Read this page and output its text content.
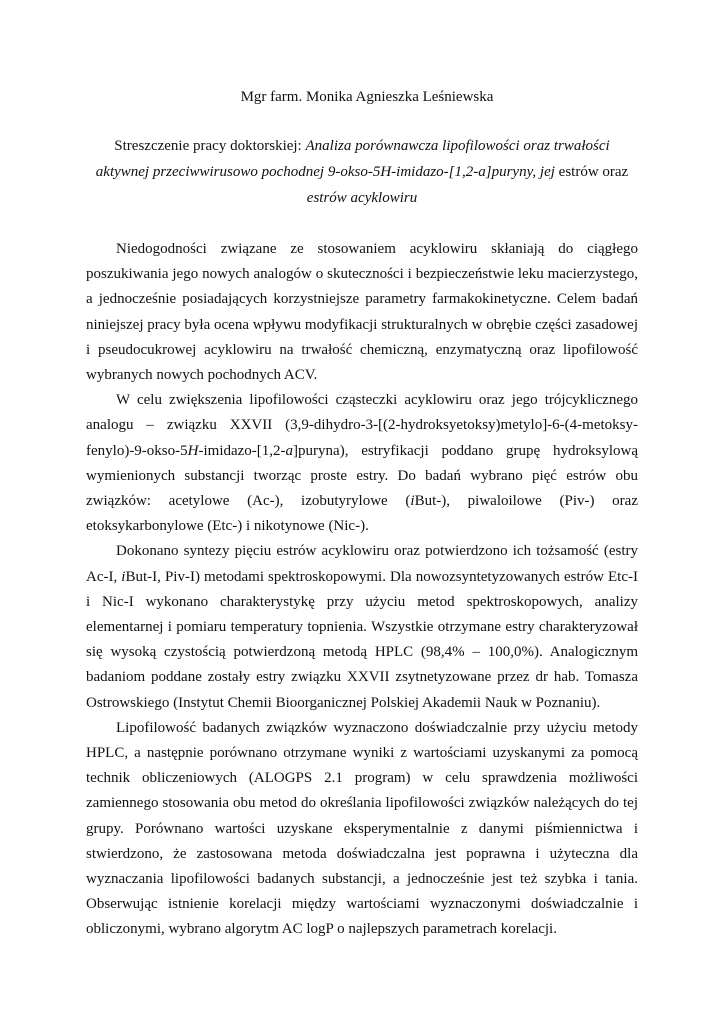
Mgr farm. Monika Agnieszka Leśniewska

Streszczenie pracy doktorskiej: Analiza porównawcza lipofilowości oraz trwałości aktywnej przeciwwirusowo pochodnej 9-okso-5H-imidazo-[1,2-a]puryny, jej estrów oraz estrów acyklowiru

Niedogodności związane ze stosowaniem acyklowiru skłaniają do ciągłego poszukiwania jego nowych analogów o skuteczności i bezpieczeństwie leku macierzystego, a jednocześnie posiadających korzystniejsze parametry farmakokinetyczne. Celem badań niniejszej pracy była ocena wpływu modyfikacji strukturalnych w obrębie części zasadowej i pseudocukrowej acyklowiru na trwałość chemiczną, enzymatyczną oraz lipofilowość wybranych nowych pochodnych ACV.

W celu zwiększenia lipofilowości cząsteczki acyklowiru oraz jego trójcyklicznego analogu – związku XXVII (3,9-dihydro-3-[(2-hydroksyetoksy)metylo]-6-(4-metoksy-fenylo)-9-okso-5H-imidazo-[1,2-a]puryna), estryfikacji poddano grupę hydroksylową wymienionych substancji tworząc proste estry. Do badań wybrano pięć estrów obu związków: acetylowe (Ac-), izobutyrylowe (iBut-), piwaloilowe (Piv-) oraz etoksykarbonylowe (Etc-) i nikotynowe (Nic-).

Dokonano syntezy pięciu estrów acyklowiru oraz potwierdzono ich tożsamość (estry Ac-I, iBut-I, Piv-I) metodami spektroskopowymi. Dla nowozsyntetyzowanych estrów Etc-I i Nic-I wykonano charakterystykę przy użyciu metod spektroskopowych, analizy elementarnej i pomiaru temperatury topnienia. Wszystkie otrzymane estry charakteryzował się wysoką czystością potwierdzoną metodą HPLC (98,4% – 100,0%). Analogicznym badaniom poddane zostały estry związku XXVII zsytnetyzowane przez dr hab. Tomasza Ostrowskiego (Instytut Chemii Bioorganicznej Polskiej Akademii Nauk w Poznaniu).

Lipofilowość badanych związków wyznaczono doświadczalnie przy użyciu metody HPLC, a następnie porównano otrzymane wyniki z wartościami uzyskanymi za pomocą technik obliczeniowych (ALOGPS 2.1 program) w celu sprawdzenia możliwości zamiennego stosowania obu metod do określania lipofilowości związków należących do tej grupy. Porównano wartości uzyskane eksperymentalnie z danymi piśmiennictwa i stwierdzono, że zastosowana metoda doświadczalna jest poprawna i użyteczna dla wyznaczania lipofilowości badanych substancji, a jednocześnie jest też szybka i tania. Obserwując istnienie korelacji między wartościami wyznaczonymi doświadczalnie i obliczonymi, wybrano algorytm AC logP o najlepszych parametrach korelacji.
